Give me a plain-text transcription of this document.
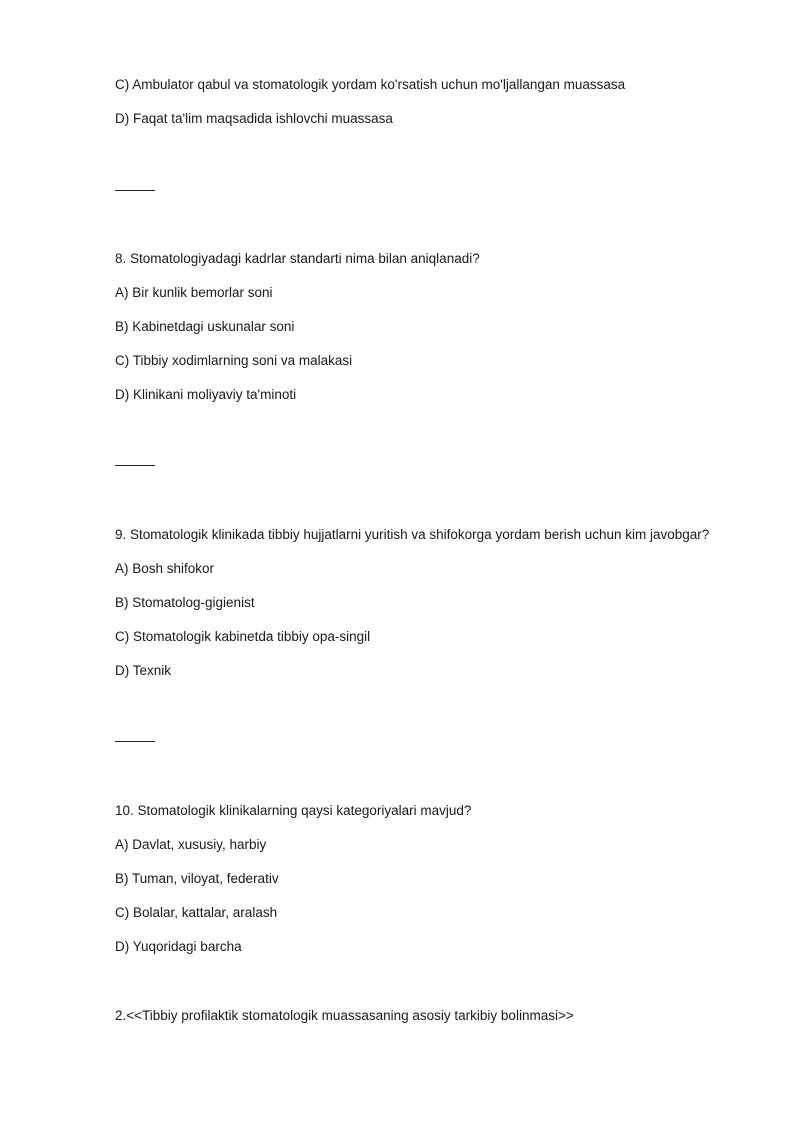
C) Ambulator qabul va stomatologik yordam ko'rsatish uchun mo'ljallangan muassasa
D) Faqat ta'lim maqsadida ishlovchi muassasa
8. Stomatologiyadagi kadrlar standarti nima bilan aniqlanadi?
A) Bir kunlik bemorlar soni
B) Kabinetdagi uskunalar soni
C) Tibbiy xodimlarning soni va malakasi
D) Klinikani moliyaviy ta'minoti
9. Stomatologik klinikada tibbiy hujjatlarni yuritish va shifokorga yordam berish uchun kim javobgar?
A) Bosh shifokor
B) Stomatolog-gigienist
C) Stomatologik kabinetda tibbiy opa-singil
D) Texnik
10. Stomatologik klinikalarning qaysi kategoriyalari mavjud?
A) Davlat, xususiy, harbiy
B) Tuman, viloyat, federativ
C) Bolalar, kattalar, aralash
D) Yuqoridagi barcha
2.<<Tibbiy profilaktik stomatologik muassasaning asosiy tarkibiy bolinmasi>>
